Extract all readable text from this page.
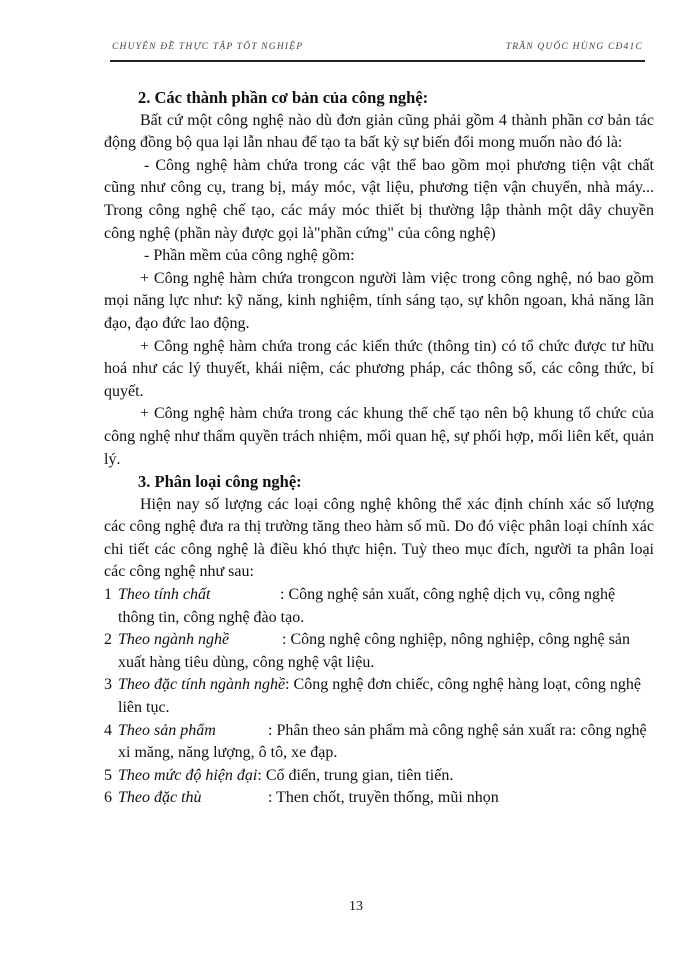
CHUYÊN ĐỀ THỰC TẬP TỐT NGHIỆP	TRẦN QUỐC HÙNG CĐ41C

2. Các thành phần cơ bản của công nghệ:

Bất cứ một công nghệ nào dù đơn giản cũng phải gồm 4 thành phần cơ bản tác động đồng bộ qua lại lẫn nhau để tạo ta bất kỳ sự biến đổi mong muốn nào đó là:

- Công nghệ hàm chứa trong các vật thể bao gồm mọi phương tiện vật chất cũng như công cụ, trang bị, máy móc, vật liệu, phương tiện vận chuyển, nhà máy... Trong công nghệ chế tạo, các máy móc thiết bị thường lập thành một dây chuyền công nghệ (phần này được gọi là"phần cứng" của công nghệ)

- Phần mềm của công nghệ gồm:

+ Công nghệ hàm chứa trongcon người làm việc trong công nghệ, nó bao gồm mọi năng lực như: kỹ năng, kinh nghiệm, tính sáng tạo, sự khôn ngoan, khả năng lãn đạo, đạo đức lao động.

+ Công nghệ hàm chứa trong các kiến thức (thông tin) có tổ chức được tư hữu hoá như các lý thuyết, khái niệm, các phương pháp, các thông số, các công thức, bí quyết.

+ Công nghệ hàm chứa trong các khung thể chế tạo nên bộ khung tổ chức của công nghệ như thẩm quyền trách nhiệm, mối quan hệ, sự phối hợp, mối liên kết, quản lý.

3. Phân loại công nghệ:

Hiện nay số lượng các loại công nghệ không thể xác định chính xác số lượng các công nghệ đưa ra thị trường tăng theo hàm số mũ. Do đó việc phân loại chính xác chi tiết các công nghệ là điều khó thực hiện. Tuỳ theo mục đích, người ta phân loại các công nghệ như sau:

1 Theo tính chất	: Công nghệ sản xuất, công nghệ dịch vụ, công nghệ thông tin, công nghệ đào tạo.

2 Theo ngành nghề	: Công nghệ công nghiệp, nông nghiệp, công nghệ sản xuất hàng tiêu dùng, công nghệ vật liệu.

3 Theo đặc tính ngành nghề: Công nghệ đơn chiếc, công nghệ hàng loạt, công nghệ liên tục.

4 Theo sản phẩm	: Phân theo sản phẩm mà công nghệ sản xuất ra: công nghệ xi măng, năng lượng, ô tô, xe đạp.

5 Theo mức độ hiện đại: Cổ điển, trung gian, tiên tiến.

6 Theo đặc thù	: Then chốt, truyền thống, mũi nhọn

13
